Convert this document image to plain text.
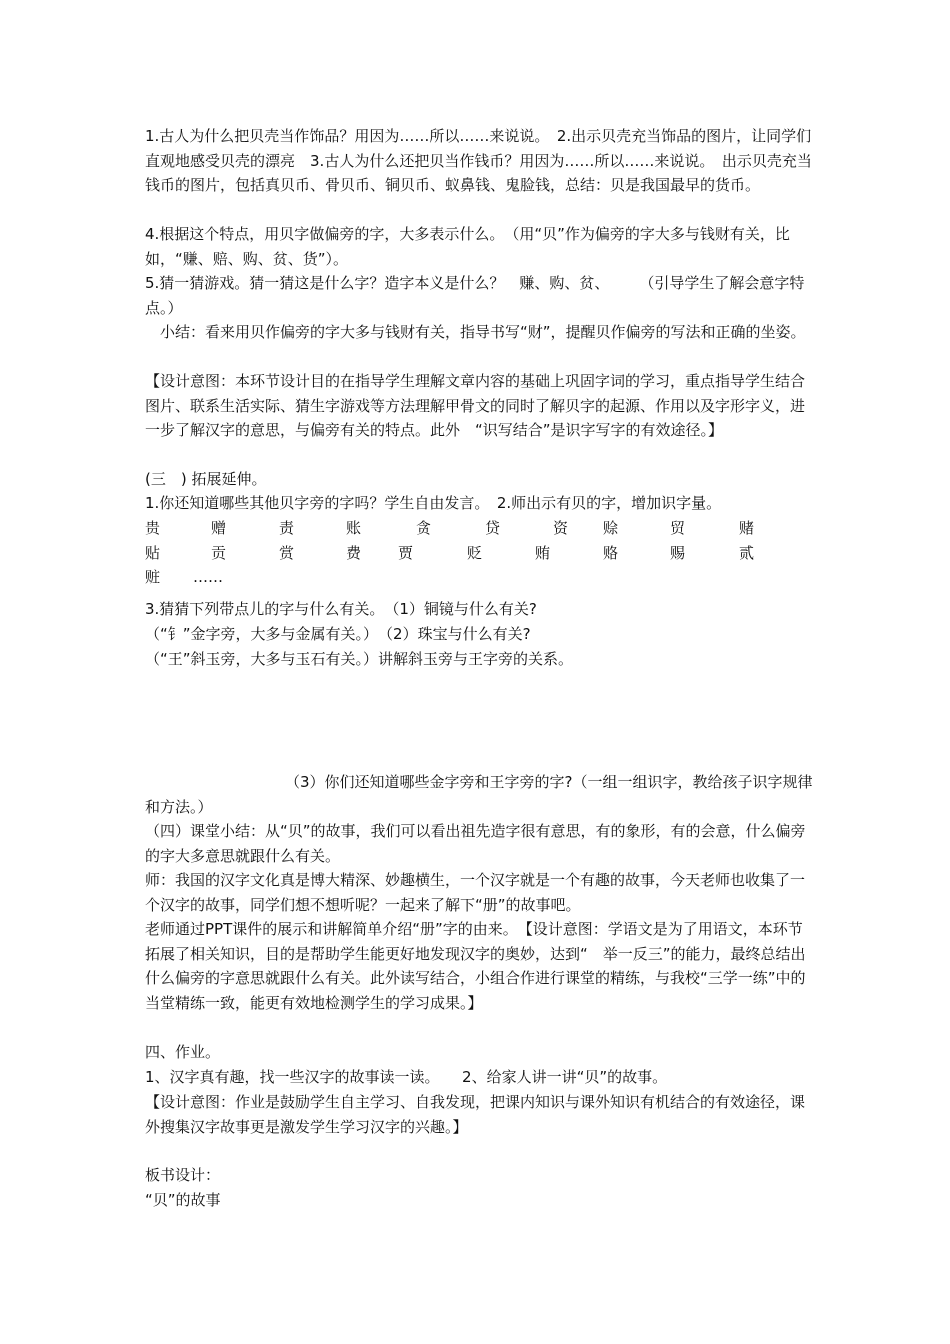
1.古人为什么把贝壳当作饰品？用因为……所以……来说说。　2.出示贝壳充当饰品的图片，让同学们直观地感受贝壳的漂亮　3.古人为什么还把贝当作钱币？用因为……所以……来说说。　出示贝壳充当钱币的图片，包括真贝币、骨贝币、铜贝币、蚁鼻钱、鬼脸钱，总结：贝是我国最早的货币。

4.根据这个特点，用贝字做偏旁的字，大多表示什么。　（用“贝”作为偏旁的字大多与钱财有关，比如，“赚、赔、购、贫、货”）。

5.猜一猜游戏。猜一猜这是什么字？造字本义是什么？　赚、购、贫、　　　（引导学生了解会意字特点。）

　小结：看来用贝作偏旁的字大多与钱财有关，指导书写“财”，提醒贝作偏旁的写法和正确的坐姿。

【设计意图：本环节设计目的在指导学生理解文章内容的基础上巩固字词的学习，重点指导学生结合图片、联系生活实际、猜生字游戏等方法理解甲骨文的同时了解贝字的起源、作用以及字形字义，进一步了解汉字的意思，与偏旁有关的特点。此外　“识写结合”是识字写字的有效途径。】

(三　) 拓展延伸。

1.你还知道哪些其他贝字旁的字吗？学生自由发言。　2.师出示有贝的字，增加识字量。

贵	赠	责	账	贪	贷	资 赊	贸	赌
贴	贡	赏	费 贾	贬	贿	赂	赐	贰
赃 ……

3.猜猜下列带点儿的字与什么有关。　（1）铜镜与什么有关?

（“钅”金字旁，大多与金属有关。）　（2）珠宝与什么有关?

（“王”斜玉旁，大多与玉石有关。）讲解斜玉旁与王字旁的关系。

（3）你们还知道哪些金字旁和王字旁的字?（一组一组识字，教给孩子识字规律和方法。）

（四）课堂小结：从“贝”的故事，我们可以看出祖先造字很有意思，有的象形，有的会意，什么偏旁的字大多意思就跟什么有关。

师：我国的汉字文化真是博大精深、妙趣横生，一个汉字就是一个有趣的故事，今天老师也收集了一个汉字的故事，同学们想不想听呢？一起来了解下“册”的故事吧。

老师通过PPT课件的展示和讲解简单介绍“册”字的由来。　【设计意图：学语文是为了用语文，本环节拓展了相关知识，目的是帮助学生能更好地发现汉字的奥妙，达到“　举一反三”的能力，最终总结出什么偏旁的字意思就跟什么有关。此外读写结合，小组合作进行课堂的精练，与我校“三学一练”中的当堂精练一致，能更有效地检测学生的学习成果。】

四、作业。

1、汉字真有趣，找一些汉字的故事读一读。　　2、给家人讲一讲“贝”的故事。

【设计意图：作业是鼓励学生自主学习、自我发现，把课内知识与课外知识有机结合的有效途径，课外搜集汉字故事更是激发学生学习汉字的兴趣。】

板书设计：

“贝”的故事
